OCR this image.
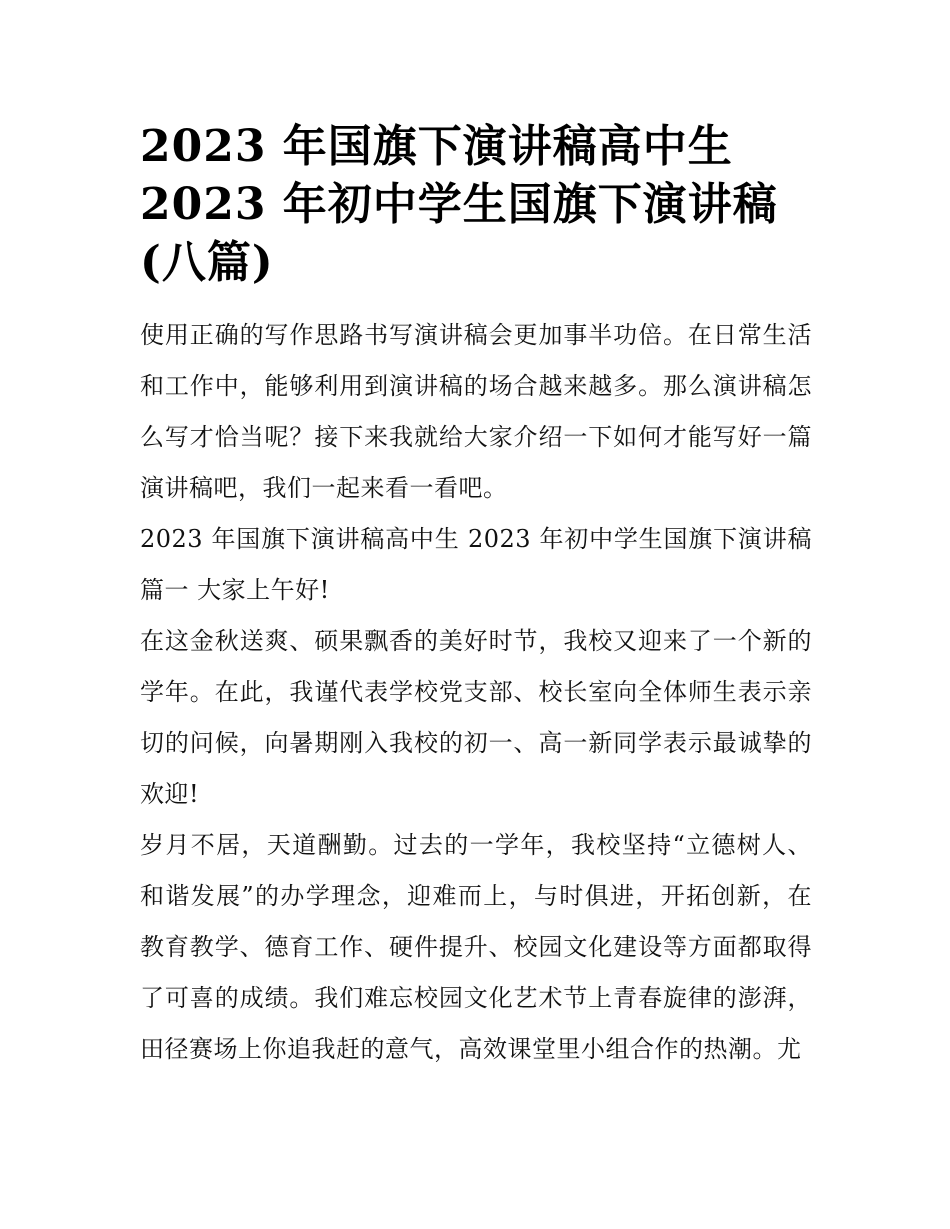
2023 年国旗下演讲稿高中生
2023 年初中学生国旗下演讲稿
(八篇)

使用正确的写作思路书写演讲稿会更加事半功倍。在日常生活和工作中，能够利用到演讲稿的场合越来越多。那么演讲稿怎么写才恰当呢？接下来我就给大家介绍一下如何才能写好一篇演讲稿吧，我们一起来看一看吧。

2023 年国旗下演讲稿高中生 2023 年初中学生国旗下演讲稿篇一 大家上午好!

在这金秋送爽、硕果飘香的美好时节，我校又迎来了一个新的学年。在此，我谨代表学校党支部、校长室向全体师生表示亲切的问候，向暑期刚入我校的初一、高一新同学表示最诚挚的欢迎!

岁月不居，天道酬勤。过去的一学年，我校坚持“立德树人、和谐发展”的办学理念，迎难而上，与时俱进，开拓创新，在教育教学、德育工作、硬件提升、校园文化建设等方面都取得了可喜的成绩。我们难忘校园文化艺术节上青春旋律的澎湃，田径赛场上你追我赶的意气，高效课堂里小组合作的热潮。尤
